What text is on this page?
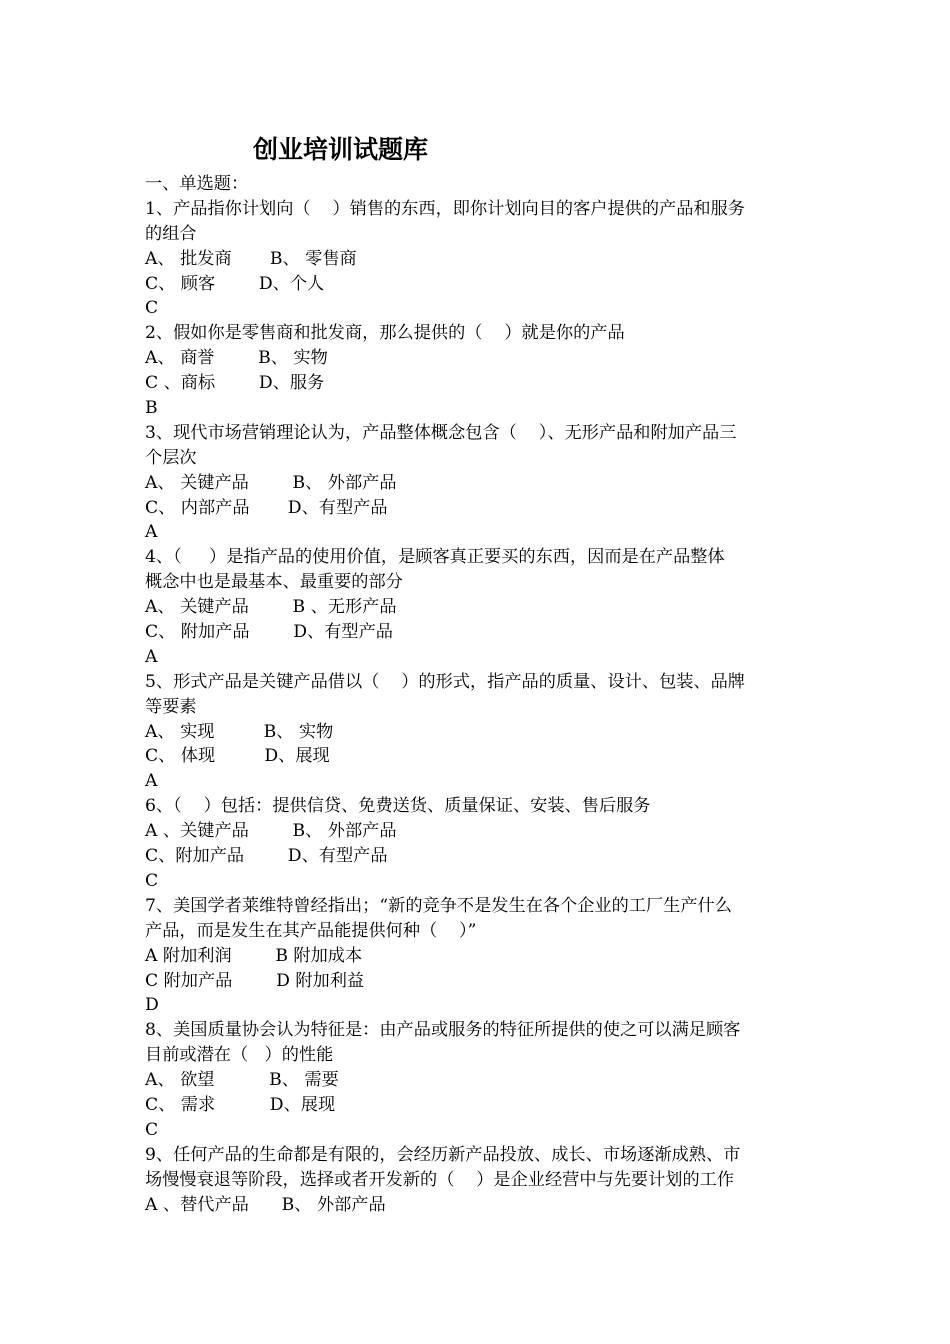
创业培训试题库
一、单选题：
1、产品指你计划向（    ）销售的东西，即你计划向目的客户提供的产品和服务
的组合
A、 批发商       B、 零售商
C、 顾客        D、个人
C
2、假如你是零售商和批发商，那么提供的（    ）就是你的产品
A、 商誉        B、 实物
C 、商标        D、服务
B
3、现代市场营销理论认为，产品整体概念包含（    ）、无形产品和附加产品三
个层次
A、 关键产品        B、 外部产品
C、 内部产品       D、有型产品
A
4、（     ）是指产品的使用价值，是顾客真正要买的东西，因而是在产品整体
概念中也是最基本、最重要的部分
A、 关键产品        B 、无形产品
C、 附加产品        D、有型产品
A
5、形式产品是关键产品借以（    ）的形式，指产品的质量、设计、包装、品牌
等要素
A、 实现         B、 实物
C、 体现         D、展现
A
6、（    ）包括：提供信贷、免费送货、质量保证、安装、售后服务
A 、关键产品        B、 外部产品
C、附加产品        D、有型产品
C
7、美国学者莱维特曾经指出；“新的竞争不是发生在各个企业的工厂生产什么
产品，而是发生在其产品能提供何种（    ）”
A 附加利润        B 附加成本
C 附加产品        D 附加利益
D
8、美国质量协会认为特征是：由产品或服务的特征所提供的使之可以满足顾客
目前或潜在（   ）的性能
A、 欲望          B、 需要
C、 需求          D、展现
C
9、任何产品的生命都是有限的，会经历新产品投放、成长、市场逐渐成熟、市
场慢慢衰退等阶段，选择或者开发新的（    ）是企业经营中与先要计划的工作
A 、替代产品      B、 外部产品
